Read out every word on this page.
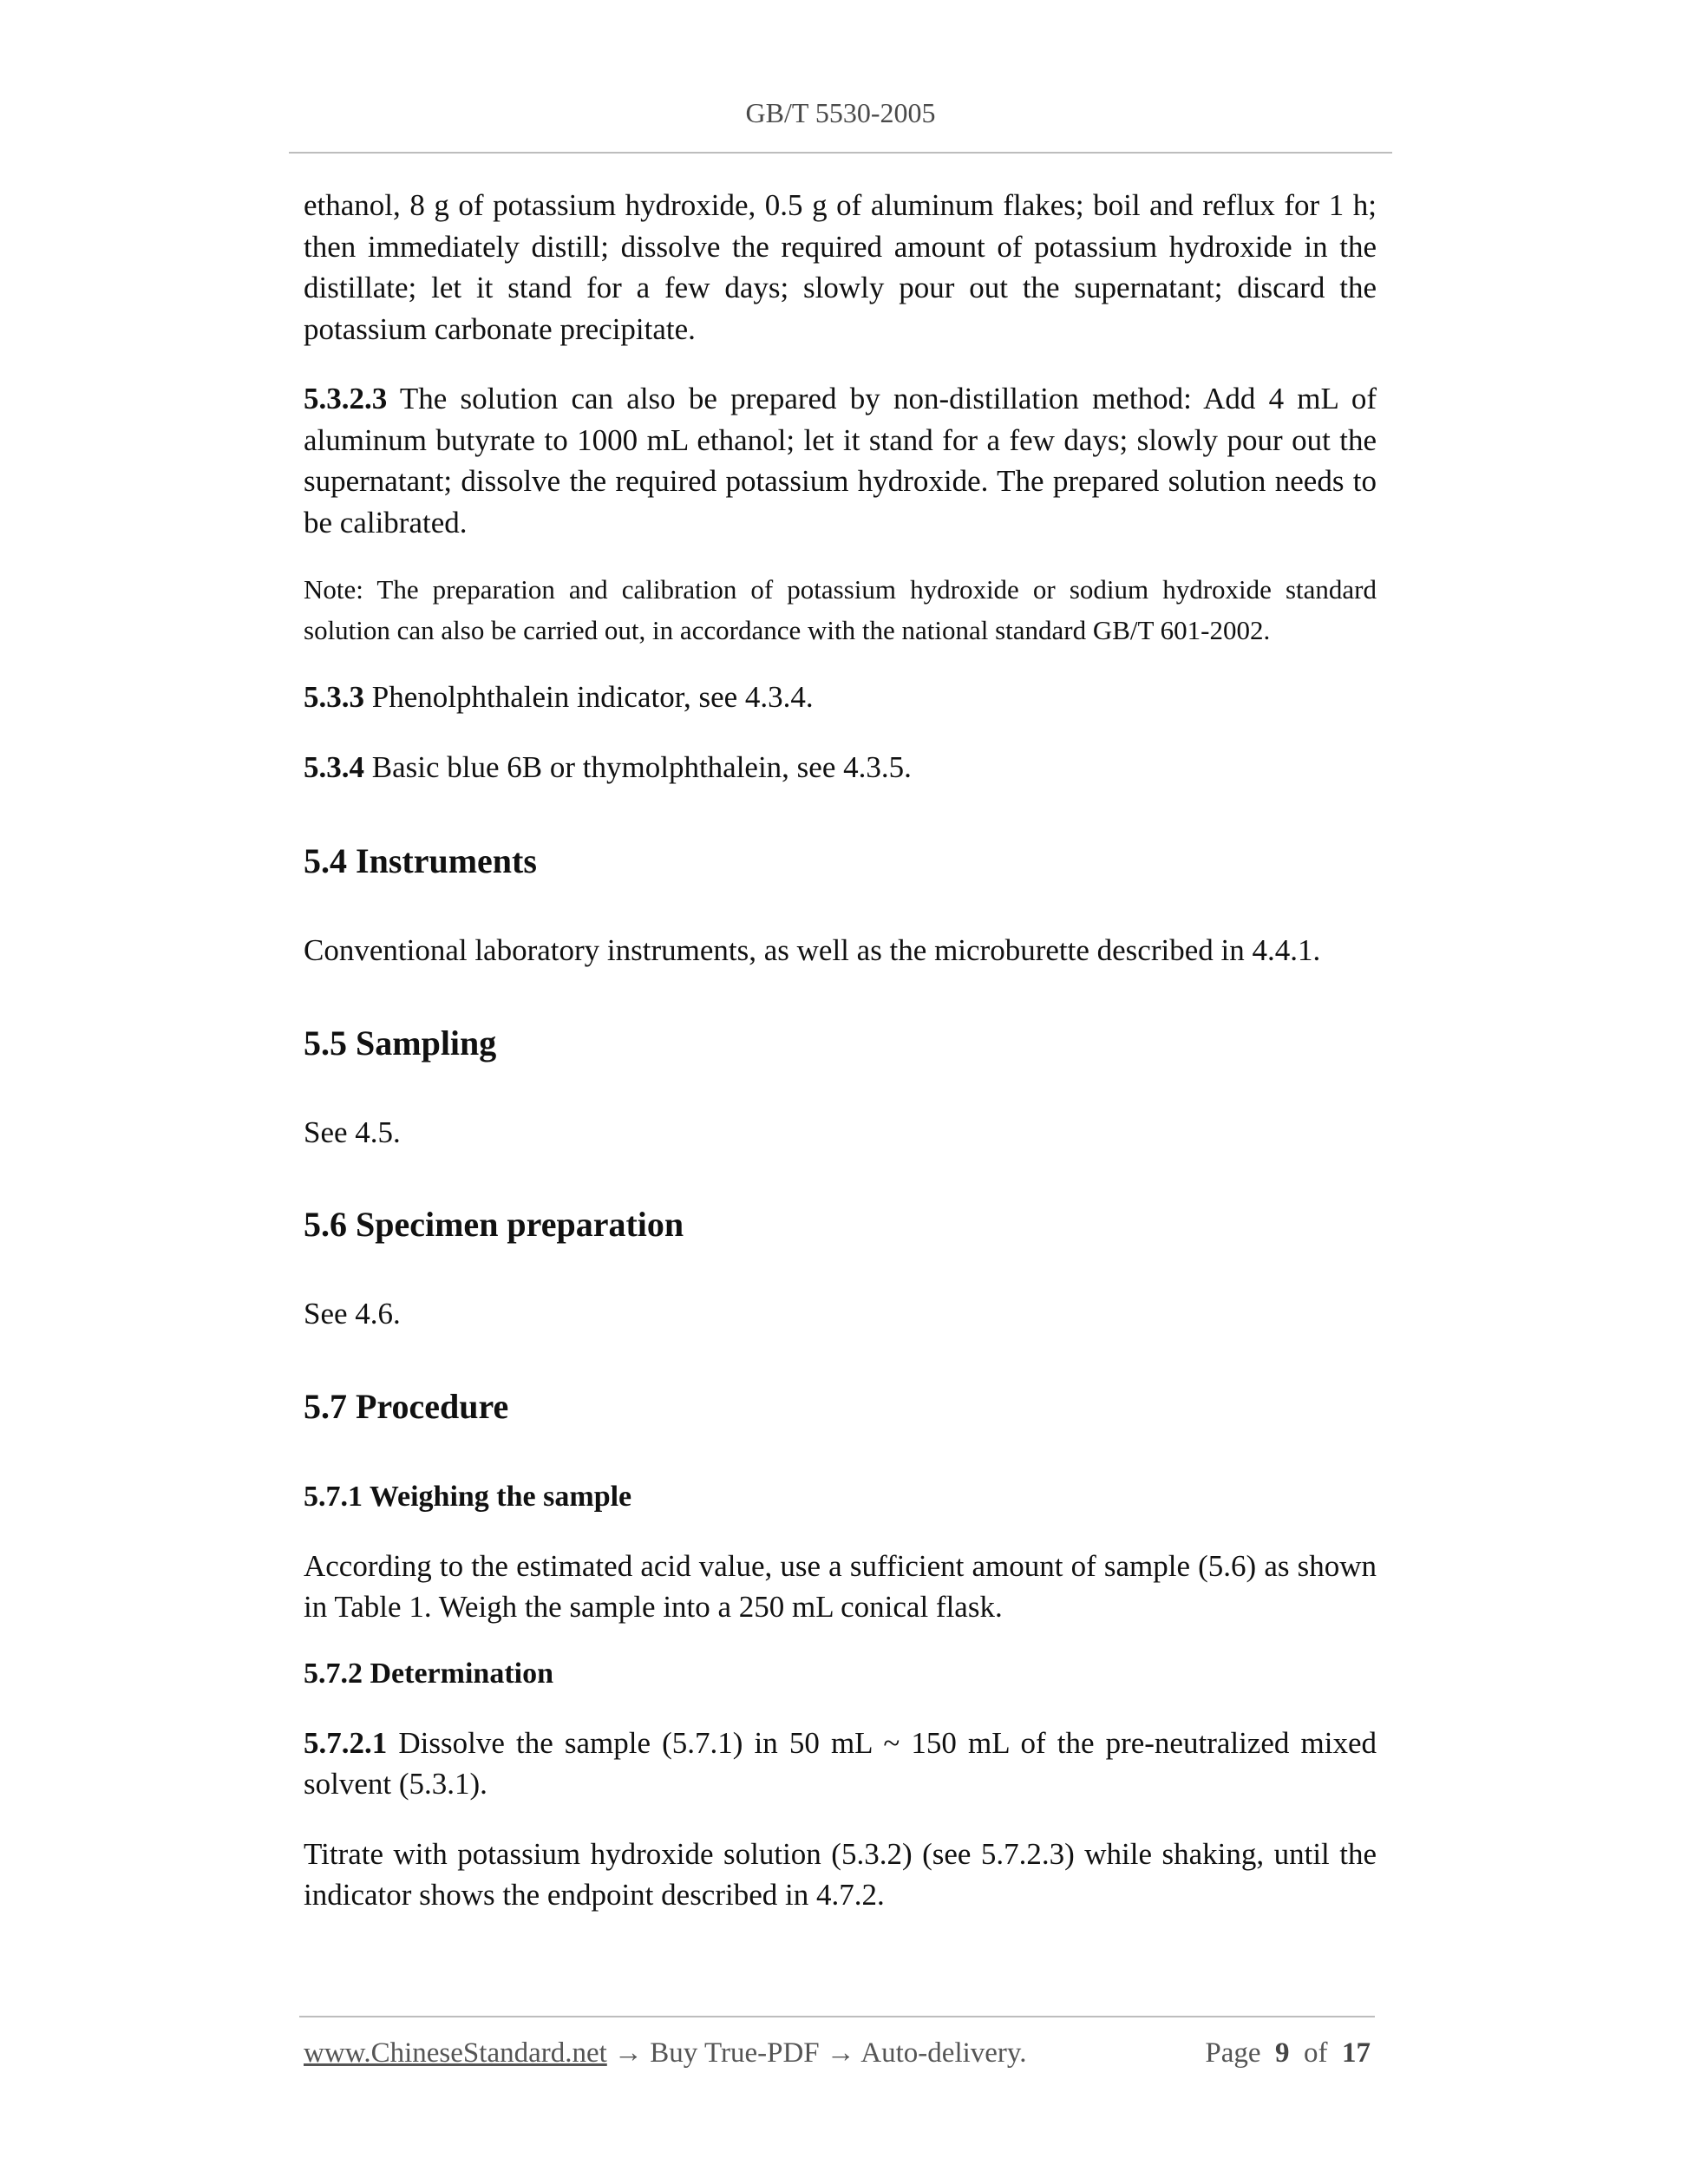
GB/T 5530-2005

ethanol, 8 g of potassium hydroxide, 0.5 g of aluminum flakes; boil and reflux for 1 h; then immediately distill; dissolve the required amount of potassium hydroxide in the distillate; let it stand for a few days; slowly pour out the supernatant; discard the potassium carbonate precipitate.

5.3.2.3 The solution can also be prepared by non-distillation method: Add 4 mL of aluminum butyrate to 1000 mL ethanol; let it stand for a few days; slowly pour out the supernatant; dissolve the required potassium hydroxide. The prepared solution needs to be calibrated.

Note: The preparation and calibration of potassium hydroxide or sodium hydroxide standard solution can also be carried out, in accordance with the national standard GB/T 601-2002.

5.3.3 Phenolphthalein indicator, see 4.3.4.

5.3.4 Basic blue 6B or thymolphthalein, see 4.3.5.

5.4 Instruments

Conventional laboratory instruments, as well as the microburette described in 4.4.1.

5.5 Sampling

See 4.5.

5.6 Specimen preparation

See 4.6.

5.7 Procedure
5.7.1 Weighing the sample

According to the estimated acid value, use a sufficient amount of sample (5.6) as shown in Table 1. Weigh the sample into a 250 mL conical flask.

5.7.2 Determination

5.7.2.1 Dissolve the sample (5.7.1) in 50 mL ~ 150 mL of the pre-neutralized mixed solvent (5.3.1).

Titrate with potassium hydroxide solution (5.3.2) (see 5.7.2.3) while shaking, until the indicator shows the endpoint described in 4.7.2.

www.ChineseStandard.net → Buy True-PDF → Auto-delivery.	Page 9 of 17
